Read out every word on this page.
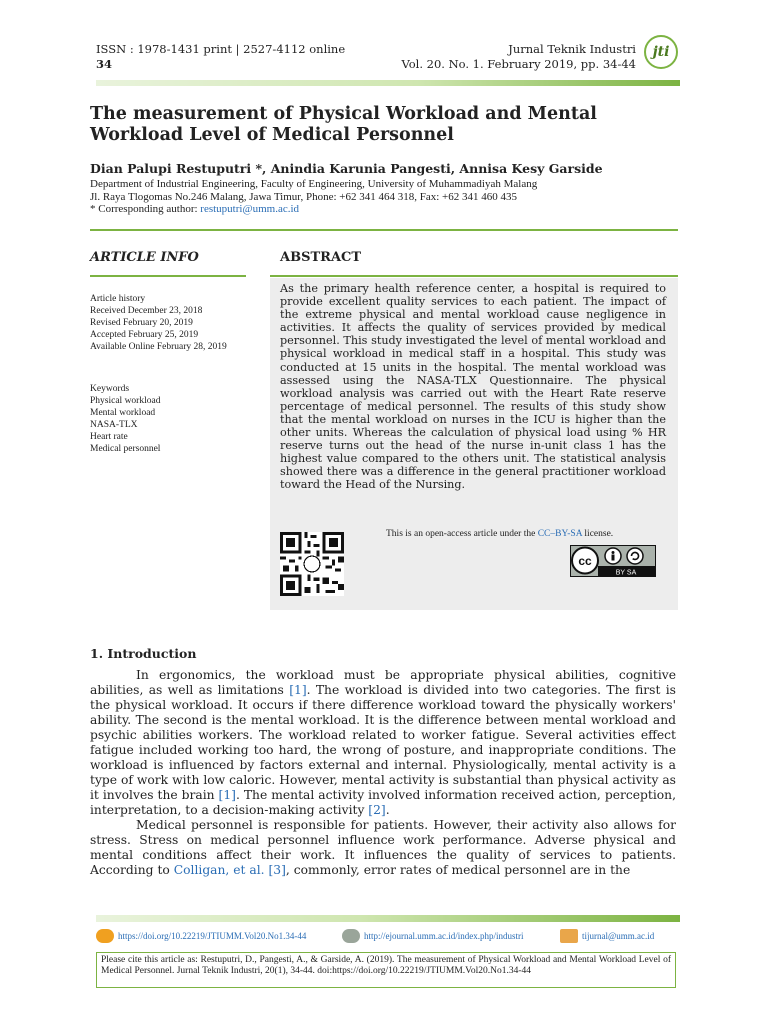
ISSN : 1978-1431 print | 2527-4112 online
34
Jurnal Teknik Industri
Vol. 20. No. 1. February 2019, pp. 34-44
jti
The measurement of Physical Workload and Mental Workload Level of Medical Personnel
Dian Palupi Restuputri *, Anindia Karunia Pangesti, Annisa Kesy Garside
Department of Industrial Engineering, Faculty of Engineering, University of Muhammadiyah Malang
Jl. Raya Tlogomas No.246 Malang, Jawa Timur, Phone: +62 341 464 318, Fax: +62 341 460 435
* Corresponding author: restuputri@umm.ac.id
ARTICLE INFO	ABSTRACT
Article history
Received December 23, 2018
Revised February 20, 2019
Accepted February 25, 2019
Available Online February 28, 2019
Keywords
Physical workload
Mental workload
NASA-TLX
Heart rate
Medical personnel
As the primary health reference center, a hospital is required to provide excellent quality services to each patient. The impact of the extreme physical and mental workload cause negligence in activities. It affects the quality of services provided by medical personnel. This study investigated the level of mental workload and physical workload in medical staff in a hospital. This study was conducted at 15 units in the hospital. The mental workload was assessed using the NASA-TLX Questionnaire. The physical workload analysis was carried out with the Heart Rate reserve percentage of medical personnel. The results of this study show that the mental workload on nurses in the ICU is higher than the other units. Whereas the calculation of physical load using % HR reserve turns out the head of the nurse in-unit class 1 has the highest value compared to the others unit. The statistical analysis showed there was a difference in the general practitioner workload toward the Head of the Nursing.
This is an open-access article under the CC–BY-SA license.
cc
BY SA
1. Introduction

In ergonomics, the workload must be appropriate physical abilities, cognitive abilities, as well as limitations [1]. The workload is divided into two categories. The first is the physical workload. It occurs if there difference workload toward the physically workers' ability. The second is the mental workload. It is the difference between mental workload and psychic abilities workers. The workload related to worker fatigue. Several activities effect fatigue included working too hard, the wrong of posture, and inappropriate conditions. The workload is influenced by factors external and internal. Physiologically, mental activity is a type of work with low caloric. However, mental activity is substantial than physical activity as it involves the brain [1]. The mental activity involved information received action, perception, interpretation, to a decision-making activity [2].

Medical personnel is responsible for patients. However, their activity also allows for stress. Stress on medical personnel influence work performance. Adverse physical and mental conditions affect their work. It influences the quality of services to patients. According to Colligan, et al. [3], commonly, error rates of medical personnel are in the

https://doi.org/10.22219/JTIUMM.Vol20.No1.34-44	http://ejournal.umm.ac.id/index.php/industri	tijurnal@umm.ac.id
Please cite this article as: Restuputri, D., Pangesti, A., & Garside, A. (2019). The measurement of Physical Workload and Mental Workload Level of Medical Personnel. Jurnal Teknik Industri, 20(1), 34-44. doi:https://doi.org/10.22219/JTIUMM.Vol20.No1.34-44
